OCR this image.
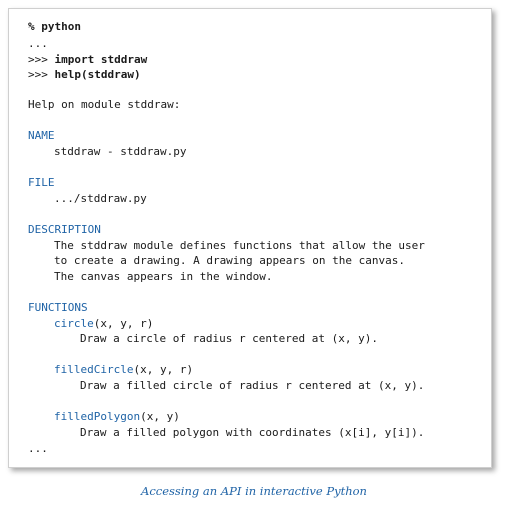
% python
...
>>> import stddraw
>>> help(stddraw)
Help on module stddraw:
NAME
stddraw - stddraw.py
FILE
.../stddraw.py
DESCRIPTION
The stddraw module defines functions that allow the user
to create a drawing. A drawing appears on the canvas.
The canvas appears in the window.
FUNCTIONS
circle(x, y, r)
Draw a circle of radius r centered at (x, y).
filledCircle(x, y, r)
Draw a filled circle of radius r centered at (x, y).
filledPolygon(x, y)
Draw a filled polygon with coordinates (x[i], y[i]).
...
Accessing an API in interactive Python
